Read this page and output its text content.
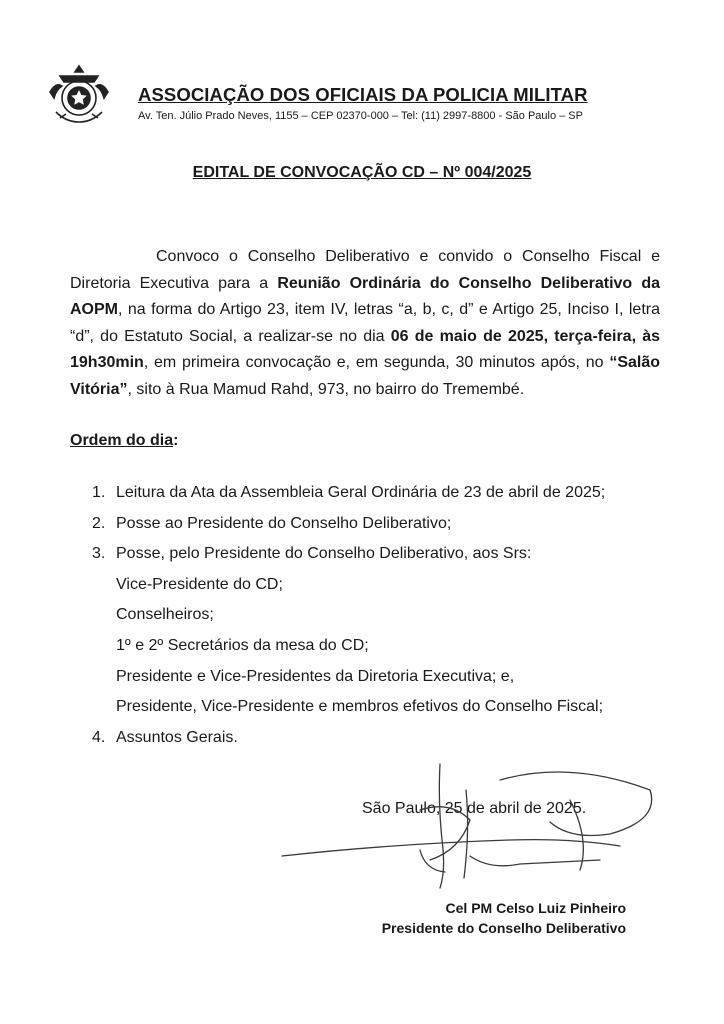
ASSOCIAÇÃO DOS OFICIAIS DA POLICIA MILITAR
Av. Ten. Júlio Prado Neves, 1155 – CEP 02370-000 – Tel: (11) 2997-8800 - São Paulo – SP
EDITAL DE CONVOCAÇÃO CD – Nº 004/2025
Convoco o Conselho Deliberativo e convido o Conselho Fiscal e Diretoria Executiva para a Reunião Ordinária do Conselho Deliberativo da AOPM, na forma do Artigo 23, item IV, letras “a, b, c, d” e Artigo 25, Inciso I, letra “d”, do Estatuto Social, a realizar-se no dia 06 de maio de 2025, terça-feira, às 19h30min, em primeira convocação e, em segunda, 30 minutos após, no “Salão Vitória”, sito à Rua Mamud Rahd, 973, no bairro do Tremembé.
Ordem do dia:
1. Leitura da Ata da Assembleia Geral Ordinária de 23 de abril de 2025;
2. Posse ao Presidente do Conselho Deliberativo;
3. Posse, pelo Presidente do Conselho Deliberativo, aos Srs:
Vice-Presidente do CD;
Conselheiros;
1º e 2º Secretários da mesa do CD;
Presidente e Vice-Presidentes da Diretoria Executiva; e,
Presidente, Vice-Presidente e membros efetivos do Conselho Fiscal;
4. Assuntos Gerais.
São Paulo, 25 de abril de 2025.
Cel PM Celso Luiz Pinheiro
Presidente do Conselho Deliberativo
